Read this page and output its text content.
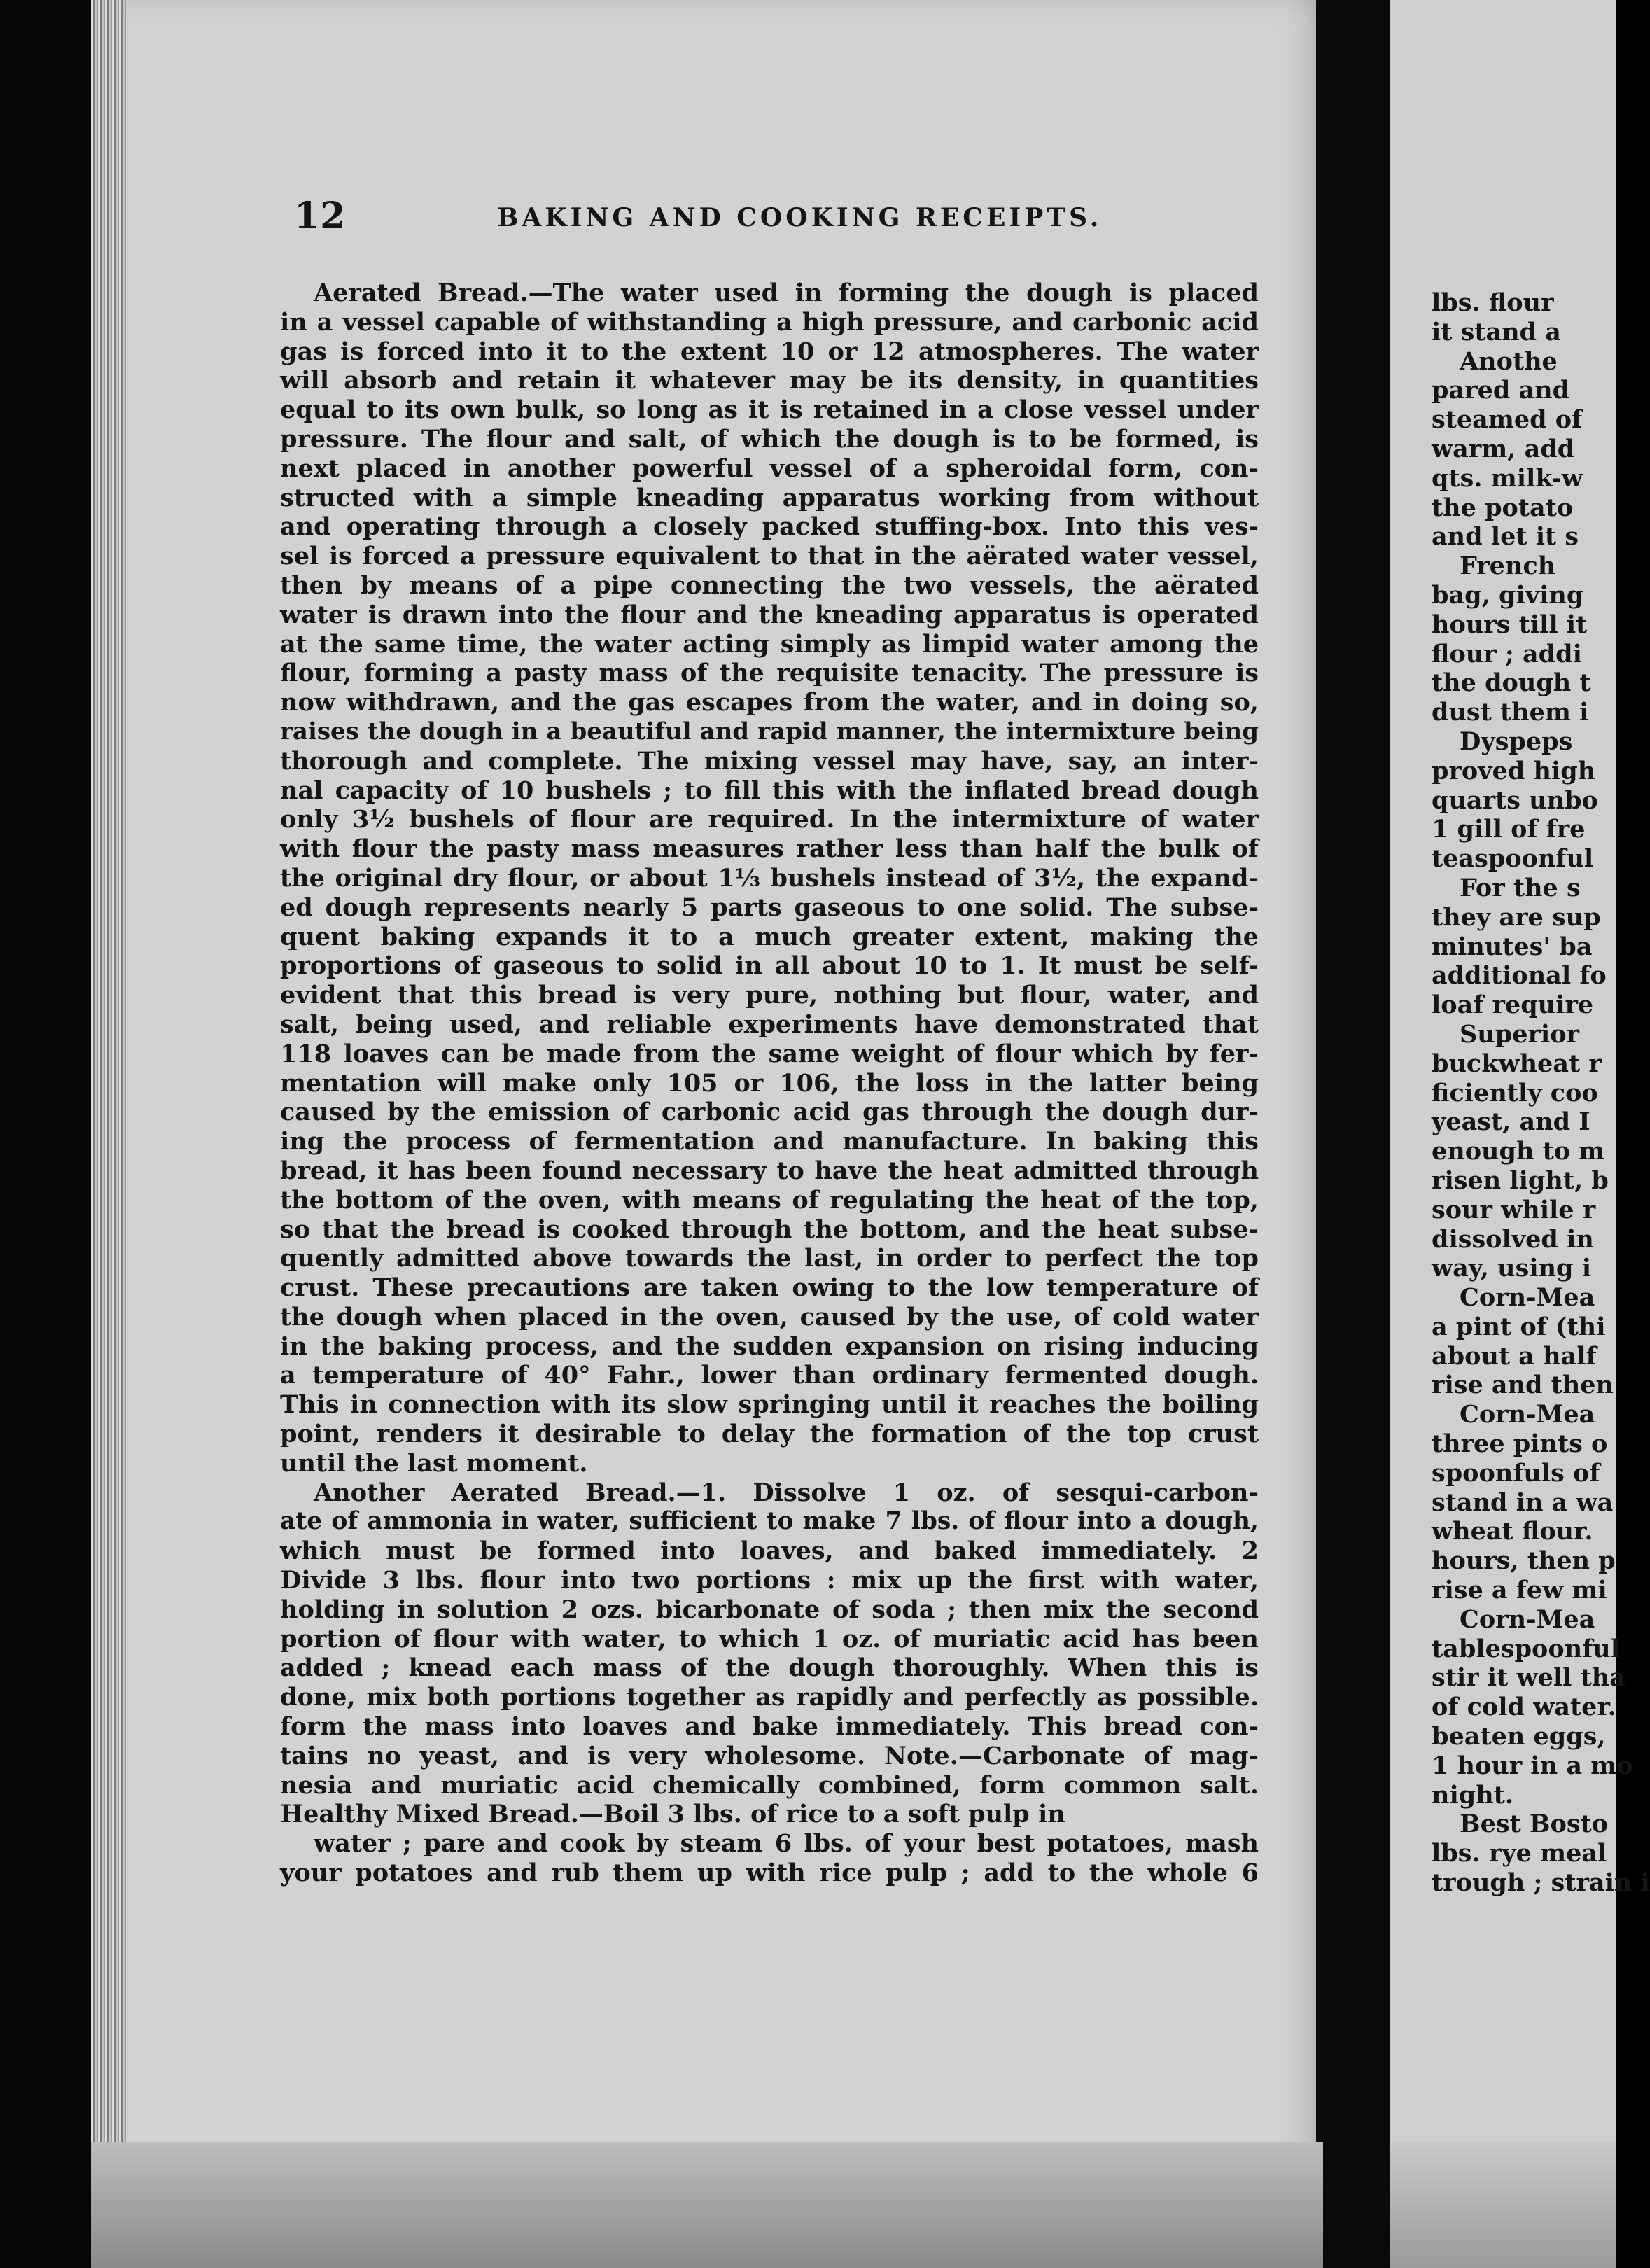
12	BAKING AND COOKING RECEIPTS.
Aerated Bread.—The water used in forming the dough is placed
in a vessel capable of withstanding a high pressure, and carbonic acid
gas is forced into it to the extent 10 or 12 atmospheres. The water
will absorb and retain it whatever may be its density, in quantities
equal to its own bulk, so long as it is retained in a close vessel under
pressure. The flour and salt, of which the dough is to be formed, is
next placed in another powerful vessel of a spheroidal form, con-
structed with a simple kneading apparatus working from without
and operating through a closely packed stuffing-box. Into this ves-
sel is forced a pressure equivalent to that in the aërated water vessel,
then by means of a pipe connecting the two vessels, the aërated
water is drawn into the flour and the kneading apparatus is operated
at the same time, the water acting simply as limpid water among the
flour, forming a pasty mass of the requisite tenacity. The pressure is
now withdrawn, and the gas escapes from the water, and in doing so,
raises the dough in a beautiful and rapid manner, the intermixture being
thorough and complete. The mixing vessel may have, say, an inter-
nal capacity of 10 bushels ; to fill this with the inflated bread dough
only 3½ bushels of flour are required. In the intermixture of water
with flour the pasty mass measures rather less than half the bulk of
the original dry flour, or about 1⅓ bushels instead of 3½, the expand-
ed dough represents nearly 5 parts gaseous to one solid. The subse-
quent baking expands it to a much greater extent, making the
proportions of gaseous to solid in all about 10 to 1. It must be self-
evident that this bread is very pure, nothing but flour, water, and
salt, being used, and reliable experiments have demonstrated that
118 loaves can be made from the same weight of flour which by fer-
mentation will make only 105 or 106, the loss in the latter being
caused by the emission of carbonic acid gas through the dough dur-
ing the process of fermentation and manufacture. In baking this
bread, it has been found necessary to have the heat admitted through
the bottom of the oven, with means of regulating the heat of the top,
so that the bread is cooked through the bottom, and the heat subse-
quently admitted above towards the last, in order to perfect the top
crust. These precautions are taken owing to the low temperature of
the dough when placed in the oven, caused by the use, of cold water
in the baking process, and the sudden expansion on rising inducing
a temperature of 40° Fahr., lower than ordinary fermented dough.
This in connection with its slow springing until it reaches the boiling
point, renders it desirable to delay the formation of the top crust
until the last moment.
Another Aerated Bread.—1. Dissolve 1 oz. of sesqui-carbon-
ate of ammonia in water, sufficient to make 7 lbs. of flour into a dough,
which must be formed into loaves, and baked immediately. 2
Divide 3 lbs. flour into two portions : mix up the first with water,
holding in solution 2 ozs. bicarbonate of soda ; then mix the second
portion of flour with water, to which 1 oz. of muriatic acid has been
added ; knead each mass of the dough thoroughly. When this is
done, mix both portions together as rapidly and perfectly as possible.
form the mass into loaves and bake immediately. This bread con-
tains no yeast, and is very wholesome. Note.—Carbonate of mag-
nesia and muriatic acid chemically combined, form common salt.
Healthy Mixed Bread.—Boil 3 lbs. of rice to a soft pulp in
water ; pare and cook by steam 6 lbs. of your best potatoes, mash
your potatoes and rub them up with rice pulp ; add to the whole 6
lbs. flour
it stand a
Anothe
pared and
steamed of
warm, add
qts. milk-w
the potato
and let it s
French
bag, giving
hours till it
flour ; addi
the dough t
dust them i
Dyspeps
proved high
quarts unbo
1 gill of fre
teaspoonful
For the s
they are sup
minutes' ba
additional fo
loaf require
Superior
buckwheat r
ficiently coo
yeast, and I
enough to m
risen light, b
sour while r
dissolved in
way, using i
Corn-Mea
a pint of (thi
about a half
rise and then
Corn-Mea
three pints o
spoonfuls of
stand in a wa
wheat flour.
hours, then p
rise a few mi
Corn-Mea
tablespoonful
stir it well tha
of cold water.
beaten eggs,
1 hour in a mo
night.
Best Bosto
lbs. rye meal
trough ; strain i
